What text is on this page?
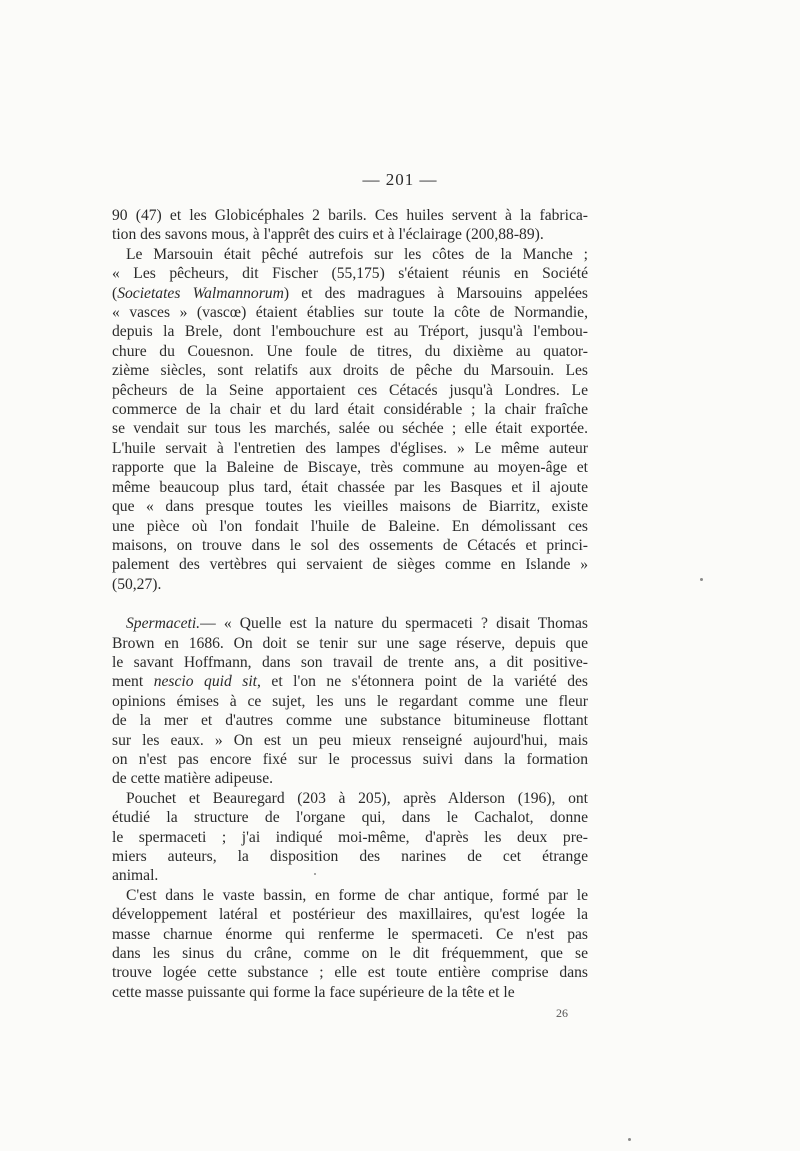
— 201 —

90 (47) et les Globicéphales 2 barils. Ces huiles servent à la fabrica-

tion des savons mous, à l'apprêt des cuirs et à l'éclairage (200,88-89).

Le Marsouin était pêché autrefois sur les côtes de la Manche ;

« Les pêcheurs, dit Fischer (55,175) s'étaient réunis en Société

(Societates Walmannorum) et des madragues à Marsouins appelées

« vasces » (vascœ) étaient établies sur toute la côte de Normandie,

depuis la Brele, dont l'embouchure est au Tréport, jusqu'à l'embou-

chure du Couesnon. Une foule de titres, du dixième au quator-

zième siècles, sont relatifs aux droits de pêche du Marsouin. Les

pêcheurs de la Seine apportaient ces Cétacés jusqu'à Londres. Le

commerce de la chair et du lard était considérable ; la chair fraîche

se vendait sur tous les marchés, salée ou séchée ; elle était exportée.

L'huile servait à l'entretien des lampes d'églises. » Le même auteur

rapporte que la Baleine de Biscaye, très commune au moyen-âge et

même beaucoup plus tard, était chassée par les Basques et il ajoute

que « dans presque toutes les vieilles maisons de Biarritz, existe

une pièce où l'on fondait l'huile de Baleine. En démolissant ces

maisons, on trouve dans le sol des ossements de Cétacés et princi-

palement des vertèbres qui servaient de sièges comme en Islande »

(50,27).

Spermaceti.— « Quelle est la nature du spermaceti ? disait Thomas

Brown en 1686. On doit se tenir sur une sage réserve, depuis que

le savant Hoffmann, dans son travail de trente ans, a dit positive-

ment nescio quid sit, et l'on ne s'étonnera point de la variété des

opinions émises à ce sujet, les uns le regardant comme une fleur

de la mer et d'autres comme une substance bitumineuse flottant

sur les eaux. » On est un peu mieux renseigné aujourd'hui, mais

on n'est pas encore fixé sur le processus suivi dans la formation

de cette matière adipeuse.

Pouchet et Beauregard (203 à 205), après Alderson (196), ont

étudié la structure de l'organe qui, dans le Cachalot, donne

le spermaceti ; j'ai indiqué moi-même, d'après les deux pre-

miers auteurs, la disposition des narines de cet étrange

animal.

C'est dans le vaste bassin, en forme de char antique, formé par le

développement latéral et postérieur des maxillaires, qu'est logée la

masse charnue énorme qui renferme le spermaceti. Ce n'est pas

dans les sinus du crâne, comme on le dit fréquemment, que se

trouve logée cette substance ; elle est toute entière comprise dans

cette masse puissante qui forme la face supérieure de la tête et le

26
